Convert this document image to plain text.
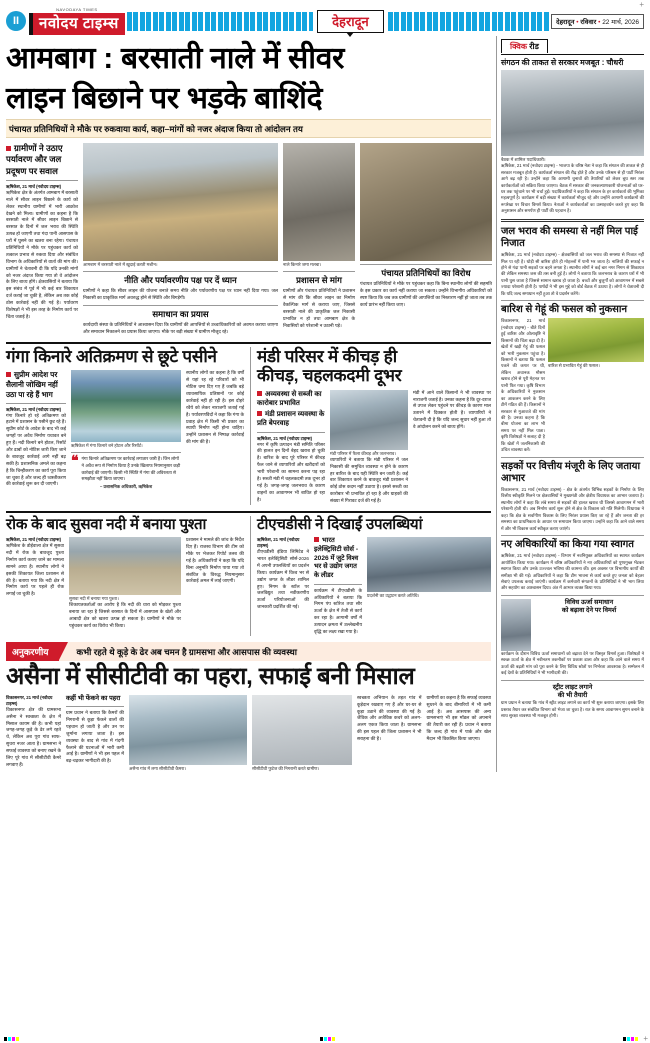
II
NAVODAYA TIMES
नवोदय टाइम्स	देहरादून	देहरादून • रविवार • 22 मार्च, 2026
+
आमबाग : बरसाती नाले में सीवर
लाइन बिछाने पर भड़के बाशिंदे
पंचायत प्रतिनिधियों ने मौके पर रुकवाया कार्य, कहा–मांगों को नजर अंदाज किया तो आंदोलन तय
ग्रामीणों ने उठाए पर्यावरण और जल प्रदूषण पर सवाल
ऋषिकेश, 21 मार्च (नवोदय टाइम्स)
ऋषिकेश क्षेत्र के अंतर्गत आमबाग में बरसाती नाले में सीवर लाइन बिछाने के कार्य को लेकर स्थानीय ग्रामीणों में भारी आक्रोश देखने को मिला। ग्रामीणों का कहना है कि बरसाती नाले में सीवर लाइन बिछाने से बरसात के दिनों में जल भराव की स्थिति उत्पन्न हो जाएगी तथा गंदा पानी आसपास के घरों में घुसने का खतरा बना रहेगा। पंचायत प्रतिनिधियों ने मौके पर पहुंचकर कार्य को तत्काल प्रभाव से रुकवा दिया और संबंधित विभाग के अधिकारियों से वार्ता की मांग की। ग्रामीणों ने चेतावनी दी कि यदि उनकी मांगों को नजर अंदाज किया गया तो वे आंदोलन के लिए बाध्य होंगे। क्षेत्रवासियों ने बताया कि इस संबंध में पूर्व में भी कई बार शिकायत दर्ज कराई जा चुकी है, लेकिन अब तक कोई ठोस कार्रवाई नहीं की गई है। पर्यावरण विशेषज्ञों ने भी इस तरह के निर्माण कार्य पर चिंता जताई है।
आमबाग में बरसाती नाले में खुदाई करती मशीन।
नीति और पर्यावरणीय पक्ष पर दें ध्यान
ग्रामीणों ने कहा कि सीवर लाइन की योजना बनाते समय नीति और पर्यावरणीय पक्ष पर ध्यान नहीं दिया गया। जल निकासी का प्राकृतिक मार्ग अवरुद्ध होने से स्थिति और बिगड़ेगी।
समाधान का प्रयास
कार्यदायी संस्था के प्रतिनिधियों ने आश्वासन दिया कि ग्रामीणों की आपत्तियों से उच्चाधिकारियों को अवगत कराया जाएगा और समाधान निकालने का प्रयास किया जाएगा। मौके पर बड़ी संख्या में ग्रामीण मौजूद रहे।
नाले किनारे जमा मलबा।
प्रशासन से मांग
ग्रामीणों और पंचायत प्रतिनिधियों ने प्रशासन से मांग की कि सीवर लाइन का निर्माण वैकल्पिक मार्ग से कराया जाए, जिससे बरसाती नाले की प्राकृतिक जल निकासी प्रभावित न हो तथा आमबाग क्षेत्र के निवासियों को परेशानी न उठानी पड़े।
पंचायत प्रतिनिधियों का विरोध
पंचायत प्रतिनिधियों ने मौके पर पहुंचकर कहा कि बिना स्थानीय लोगों की सहमति के इस प्रकार का कार्य नहीं कराया जा सकता। उन्होंने विभागीय अधिकारियों को स्पष्ट किया कि जब तक ग्रामीणों की आपत्तियों का निस्तारण नहीं हो जाता तब तक कार्य प्रारंभ नहीं किया जाए।
गंगा किनारे अतिक्रमण से छूटे पसीने
सुप्रीम आदेश पर सैलानी जोखिम नहीं उठा पा रहे हैं भाग
ऋषिकेश, 21 मार्च (नवोदय टाइम्स)
गंगा किनारे हो रहे अतिक्रमण को हटाने में प्रशासन के पसीने छूट रहे हैं। सुप्रीम कोर्ट के आदेश के बाद भी कई जगहों पर अवैध निर्माण यथावत बने हुए हैं। नदी किनारे बने होटल, रिसॉर्ट और ढाबों को नोटिस जारी किए जाने के बावजूद कार्रवाई आगे नहीं बढ़ सकी है। प्रशासनिक अमले का कहना है कि चिन्हीकरण का कार्य पूरा किया जा चुका है और जल्द ही ध्वस्तीकरण की कार्रवाई शुरू कर दी जाएगी।
ऋषिकेश में गंगा किनारे बने होटल और रिसॉर्ट।
❝ गंगा किनारे अतिक्रमण पर कार्रवाई लगातार जारी है। जिन लोगों ने अवैध रूप से निर्माण किया है उनके खिलाफ नियमानुसार कड़ी कार्रवाई की जाएगी। किसी भी स्थिति में गंगा की अविरलता से समझौता नहीं किया जाएगा।
– प्रशासनिक अधिकारी, ऋषिकेश
स्थानीय लोगों का कहना है कि वर्षों से यहां रह रहे परिवारों को भी नोटिस थमा दिए गए हैं जबकि बड़े व्यावसायिक प्रतिष्ठानों पर कोई कार्रवाई नहीं हो रही है। इस दोहरे रवैये को लेकर नाराजगी जताई गई है। पर्यावरणविदों ने कहा कि गंगा के प्रवाह क्षेत्र में किसी भी प्रकार का स्थायी निर्माण नहीं होना चाहिए। उन्होंने प्रशासन से निष्पक्ष कार्रवाई की मांग की है।
मंडी परिसर में कीचड़ ही
कीचड़, चहलकदमी दूभर
अव्यवस्था से सब्जी का कारोबार प्रभावित
मंडी प्रशासन व्यवस्था के प्रति बेपरवाह
ऋषिकेश, 21 मार्च (नवोदय टाइम्स)
नगर में कृषि उत्पादन मंडी समिति परिसर की हालत इन दिनों बेहद खराब हो चुकी है। बारिश के बाद पूरे परिसर में कीचड़ फैल जाने से व्यापारियों और खरीदारों को भारी परेशानी का सामना करना पड़ रहा है। सब्जी मंडी में चहलकदमी तक दूभर हो गई है। जगह-जगह जलभराव के कारण वाहनों का आवागमन भी बाधित हो रहा है।
मंडी परिसर में फैला कीचड़ और जलभराव।
व्यापारियों ने बताया कि मंडी परिसर में जल निकासी की समुचित व्यवस्था न होने के कारण हर बारिश के बाद यही स्थिति बन जाती है। कई बार शिकायत करने के बावजूद मंडी प्रशासन ने कोई ठोस कदम नहीं उठाया है। इससे सब्जी का कारोबार भी प्रभावित हो रहा है और ग्राहकों की संख्या में गिरावट दर्ज की गई है।
मंडी में आने वाले किसानों ने भी व्यवस्था पर नाराजगी जताई है। उनका कहना है कि दूर-दराज से उपज लेकर पहुंचने पर कीचड़ के कारण माल उतारने में दिक्कत होती है। व्यापारियों ने चेतावनी दी है कि यदि जल्द सुधार नहीं हुआ तो वे आंदोलन करने को बाध्य होंगे।
रोक के बाद सुसवा नदी में बनाया पुश्ता
ऋषिकेश, 21 मार्च (नवोदय टाइम्स)
ऋषिकेश के डोईवाला क्षेत्र में सुसवा नदी में रोक के बावजूद पुश्ता निर्माण कार्य कराए जाने का मामला सामने आया है। स्थानीय लोगों ने इसकी शिकायत जिला प्रशासन से की है। बताया गया कि नदी क्षेत्र में निर्माण कार्य पर पहले ही रोक लगाई जा चुकी है।
सुसवा नदी में बनाया गया पुश्ता।
शिकायतकर्ताओं का आरोप है कि नदी की धारा को मोड़कर पुश्ता बनाया जा रहा है जिससे बरसात के दिनों में आसपास के खेतों और आबादी क्षेत्र को खतरा उत्पन्न हो सकता है। ग्रामीणों ने मौके पर पहुंचकर कार्य का विरोध भी किया।
प्रशासन ने मामले की जांच के निर्देश दिए हैं। राजस्व विभाग की टीम को मौके पर भेजकर रिपोर्ट तलब की गई है। अधिकारियों ने कहा कि यदि बिना अनुमति निर्माण पाया गया तो संबंधित के विरुद्ध नियमानुसार कार्रवाई अमल में लाई जाएगी।
टीएचडीसी ने दिखाईं उपलब्धियां
ऋषिकेश, 21 मार्च (नवोदय टाइम्स)
टीएचडीसी इंडिया लिमिटेड ने भारत इलेक्ट्रिसिटी सोर्स-2026 में अपनी उपलब्धियों का प्रदर्शन किया। कार्यक्रम में विश्व भर से उद्योग जगत के लीडर शामिल हुए। निगम के स्टॉल पर जलविद्युत तथा नवीकरणीय ऊर्जा परियोजनाओं की जानकारी प्रदर्शित की गई।
भारत इलेक्ट्रिसिटी सोर्स - 2026 में जुटे विश्व भर से उद्योग जगत के लीडर
कार्यक्रम में टीएचडीसी के अधिकारियों ने बताया कि निगम पंप स्टोरेज तथा सौर ऊर्जा के क्षेत्र में तेजी से कार्य कर रहा है। आगामी वर्षों में उत्पादन क्षमता में उल्लेखनीय वृद्धि का लक्ष्य रखा गया है।
प्रदर्शनी का उद्घाटन करते अतिथि।
अनुकरणीय	कभी रहते थे कूड़े के ढेर अब चमन है ग्रामसभा और आसपास की व्यवस्था
असैना में सीसीटीवी का पहरा, सफाई बनी मिसाल
विकासनगर, 21 मार्च (नवोदय टाइम्स)
विकासनगर क्षेत्र की ग्रामसभा असैना ने स्वच्छता के क्षेत्र में मिसाल कायम की है। कभी यहां जगह-जगह कूड़े के ढेर लगे रहते थे, लेकिन अब पूरा गांव साफ-सुथरा नजर आता है। ग्रामसभा ने सफाई व्यवस्था को बनाए रखने के लिए पूरे गांव में सीसीटीवी कैमरे लगवाए हैं।
कहीं भी फेंकने का पहरा
ग्राम प्रधान ने बताया कि कैमरों की निगरानी से कूड़ा फेंकने वालों की पहचान हो जाती है और उन पर जुर्माना लगाया जाता है। इस व्यवस्था के बाद से गांव में गंदगी फैलाने की घटनाओं में भारी कमी आई है। ग्रामीणों ने भी इस पहल में बढ़-चढ़कर भागीदारी की है।
असैना गांव में लगा सीसीटीवी कैमरा।	सीसीटीवी फुटेज की निगरानी करते ग्रामीण।
स्वच्छता अभियान के तहत गांव में कूड़ेदान रखवाए गए हैं और घर-घर से कूड़ा उठाने की व्यवस्था की गई है। जैविक और अजैविक कचरे को अलग-अलग एकत्र किया जाता है। ग्रामसभा की इस पहल की जिला प्रशासन ने भी सराहना की है।
ग्रामीणों का कहना है कि सफाई व्यवस्था सुधरने के बाद बीमारियों में भी कमी आई है। अब आसपास की अन्य ग्रामसभाएं भी इस मॉडल को अपनाने की तैयारी कर रही हैं। प्रधान ने बताया कि जल्द ही गांव में पार्क और खेल मैदान भी विकसित किया जाएगा।
क्विक रीड
संगठन की ताकत से सरकार मजबूत : चौधरी
बैठक में शामिल पदाधिकारी।
ऋषिकेश, 21 मार्च (नवोदय टाइम्स) - भाजपा के वरिष्ठ नेता ने कहा कि संगठन की ताकत से ही सरकार मजबूत होती है। कार्यकर्ता संगठन की रीढ़ होते हैं और उनके परिश्रम से ही पार्टी निरंतर आगे बढ़ रही है। उन्होंने कहा कि आगामी चुनावों की तैयारियों को लेकर बूथ स्तर तक कार्यकर्ताओं को सक्रिय किया जाएगा। बैठक में सरकार की जनकल्याणकारी योजनाओं को घर-घर तक पहुंचाने पर भी चर्चा हुई। पदाधिकारियों ने कहा कि संगठन के हर कार्यकर्ता की भूमिका महत्वपूर्ण है। कार्यक्रम में बड़ी संख्या में कार्यकर्ता मौजूद रहे और उन्होंने आगामी कार्यक्रमों की रूपरेखा पर विचार विमर्श किया। नेताओं ने कार्यकर्ताओं का उत्साहवर्धन करते हुए कहा कि अनुशासन और समर्पण ही पार्टी की पहचान है।
जल भराव की समस्या से नहीं मिल पाई निजात
ऋषिकेश, 21 मार्च (नवोदय टाइम्स) - क्षेत्रवासियों को जल भराव की समस्या से निजात नहीं मिल पा रही है। थोड़ी सी बारिश होते ही मोहल्लों में पानी भर जाता है। नालियों की सफाई न होने से गंदा पानी सड़कों पर बहने लगता है। स्थानीय लोगों ने कई बार नगर निगम से शिकायत की लेकिन समस्या जस की तस बनी हुई है। लोगों ने बताया कि जलभराव के कारण घरों में भी पानी घुस जाता है जिससे सामान खराब हो जाता है। बच्चों और बुजुर्गों को आवागमन में सबसे ज्यादा परेशानी होती है। पार्षदों ने भी इस मुद्दे को बोर्ड बैठक में उठाया है। लोगों ने चेतावनी दी कि यदि जल्द समाधान नहीं हुआ तो वे प्रदर्शन करेंगे।
बारिश से गेहूं की फसल को नुकसान
विकासनगर, 21 मार्च (नवोदय टाइम्स) - बीते दिनों हुई बारिश और ओलावृष्टि ने किसानों की चिंता बढ़ा दी है। खेतों में खड़ी गेहूं की फसल को भारी नुकसान पहुंचा है। किसानों ने बताया कि फसल पकने की कगार पर थी, लेकिन अचानक मौसम खराब होने से पूरी मेहनत पर पानी फिर गया। कृषि विभाग के अधिकारियों ने नुकसान का आकलन करने के लिए टीमें गठित की हैं। किसानों ने सरकार से मुआवजे की मांग की है। उनका कहना है कि बीमा योजना का लाभ भी समय पर नहीं मिल पाता। कृषि विशेषज्ञों ने सलाह दी है कि खेतों में जलनिकासी की उचित व्यवस्था करें।
बारिश से प्रभावित गेहूं की फसल।
सड़कों पर वित्तीय मंजूरी के लिए जताया आभार
विकासनगर, 21 मार्च (नवोदय टाइम्स) - क्षेत्र के अंतर्गत विभिन्न सड़कों के निर्माण के लिए वित्तीय स्वीकृति मिलने पर क्षेत्रवासियों ने मुख्यमंत्री और क्षेत्रीय विधायक का आभार जताया है। स्थानीय लोगों ने कहा कि लंबे समय से सड़कों की हालत खराब थी जिससे आवागमन में भारी परेशानी होती थी। अब निर्माण कार्य शुरू होने से क्षेत्र के विकास को गति मिलेगी। विधायक ने कहा कि क्षेत्र के सर्वांगीण विकास के लिए निरंतर प्रयास किए जा रहे हैं और जनता की हर समस्या का प्राथमिकता के आधार पर समाधान किया जाएगा। उन्होंने कहा कि आने वाले समय में और भी विकास कार्य स्वीकृत कराए जाएंगे।
नए अधिकारियों का किया गया स्वागत
ऋषिकेश, 21 मार्च (नवोदय टाइम्स) - विभाग में नवनियुक्त अधिकारियों का स्वागत कार्यक्रम आयोजित किया गया। कार्यक्रम में वरिष्ठ अधिकारियों ने नए अधिकारियों को पुष्पगुच्छ भेंटकर स्वागत किया और उनके उज्ज्वल भविष्य की कामना की। इस अवसर पर विभागीय कार्यों की समीक्षा भी की गई। अधिकारियों ने कहा कि टीम भावना से कार्य करते हुए जनता को बेहतर सेवाएं उपलब्ध कराई जाएंगी। कार्यक्रम में कर्मचारी संगठनों के प्रतिनिधियों ने भी भाग लिया और सहयोग का आश्वासन दिया। अंत में आभार व्यक्त किया गया।
विविध ऊर्जा समाधान
को बढ़ावा देने पर विमर्श
कार्यक्रम के दौरान विविध ऊर्जा समाधानों को बढ़ावा देने पर विस्तृत विमर्श हुआ। विशेषज्ञों ने स्वच्छ ऊर्जा के क्षेत्र में नवीनतम तकनीकों पर प्रकाश डाला और कहा कि आने वाले समय में ऊर्जा की बढ़ती मांग को पूरा करने के लिए विविध स्रोतों पर निर्भरता आवश्यक है। सम्मेलन में कई देशों के प्रतिनिधियों ने भी भागीदारी की।
स्ट्रीट लाइट लगाने
की भी तैयारी
ग्राम प्रधान ने बताया कि गांव में स्ट्रीट लाइट लगाने का कार्य भी शुरू कराया जाएगा। इसके लिए प्रस्ताव तैयार कर संबंधित विभाग को भेजा जा चुका है। रात के समय आवागमन सुगम बनाने के साथ सुरक्षा व्यवस्था भी मजबूत होगी।
+
